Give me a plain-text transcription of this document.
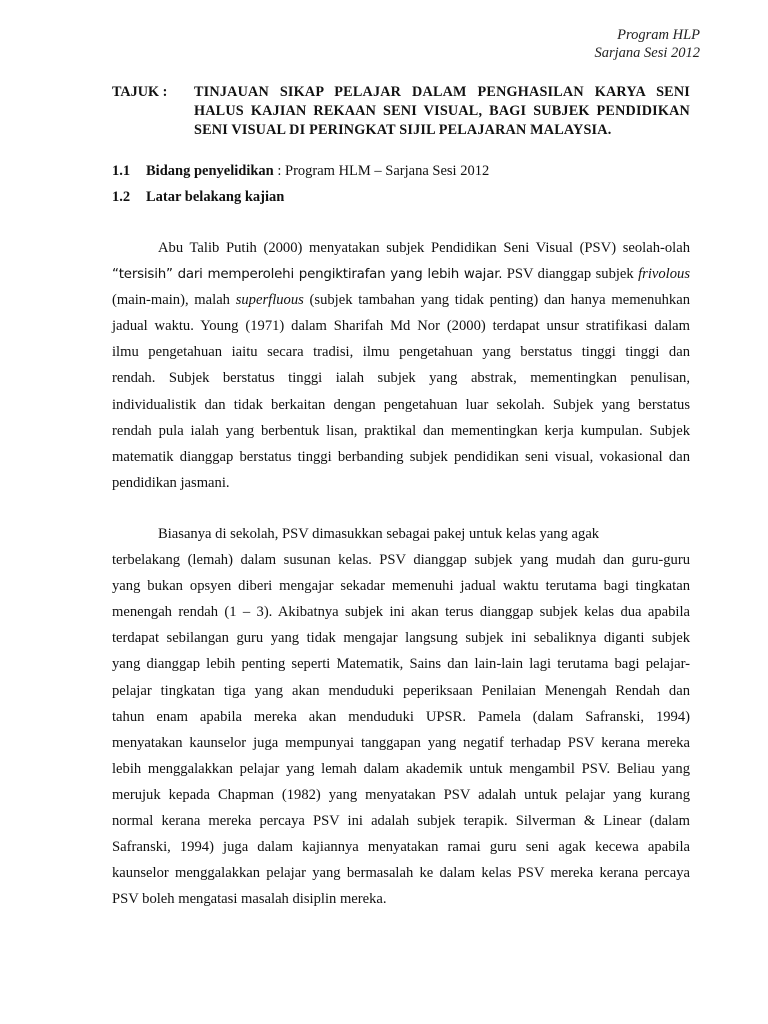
Program HLP
Sarjana Sesi 2012
TAJUK :	TINJAUAN SIKAP PELAJAR DALAM PENGHASILAN KARYA SENI
HALUS KAJIAN REKAAN SENI VISUAL, BAGI SUBJEK PENDIDIKAN
SENI VISUAL DI PERINGKAT SIJIL PELAJARAN MALAYSIA.
1.1 Bidang penyelidikan : Program HLM – Sarjana Sesi 2012
1.2 Latar belakang kajian
Abu Talib Putih (2000) menyatakan subjek Pendidikan Seni Visual (PSV) seolah-olah
“tersisih” dari memperolehi pengiktirafan yang lebih wajar. PSV dianggap subjek frivolous
(main-main), malah superfluous (subjek tambahan yang tidak penting) dan hanya memenuhkan
jadual waktu. Young (1971) dalam Sharifah Md Nor (2000) terdapat unsur stratifikasi dalam
ilmu pengetahuan iaitu secara tradisi, ilmu pengetahuan yang berstatus tinggi tinggi dan
rendah. Subjek berstatus tinggi ialah subjek yang abstrak, mementingkan penulisan,
individualistik dan tidak berkaitan dengan pengetahuan luar sekolah. Subjek yang berstatus
rendah pula ialah yang berbentuk lisan, praktikal dan mementingkan kerja kumpulan. Subjek
matematik dianggap berstatus tinggi berbanding subjek pendidikan seni visual, vokasional dan
pendidikan jasmani.
Biasanya di sekolah, PSV dimasukkan sebagai pakej untuk kelas yang agak
terbelakang (lemah) dalam susunan kelas. PSV dianggap subjek yang mudah dan guru-guru
yang bukan opsyen diberi mengajar sekadar memenuhi jadual waktu terutama bagi tingkatan
menengah rendah (1 – 3). Akibatnya subjek ini akan terus dianggap subjek kelas dua apabila
terdapat sebilangan guru yang tidak mengajar langsung subjek ini sebaliknya diganti subjek
yang dianggap lebih penting seperti Matematik, Sains dan lain-lain lagi terutama bagi pelajar-
pelajar tingkatan tiga yang akan menduduki peperiksaan Penilaian Menengah Rendah dan
tahun enam apabila mereka akan menduduki UPSR. Pamela (dalam Safranski, 1994)
menyatakan kaunselor juga mempunyai tanggapan yang negatif terhadap PSV kerana mereka
lebih menggalakkan pelajar yang lemah dalam akademik untuk mengambil PSV. Beliau yang
merujuk kepada Chapman (1982) yang menyatakan PSV adalah untuk pelajar yang kurang
normal kerana mereka percaya PSV ini adalah subjek terapik. Silverman & Linear (dalam
Safranski, 1994) juga dalam kajiannya menyatakan ramai guru seni agak kecewa apabila
kaunselor menggalakkan pelajar yang bermasalah ke dalam kelas PSV mereka kerana percaya
PSV boleh mengatasi masalah disiplin mereka.
